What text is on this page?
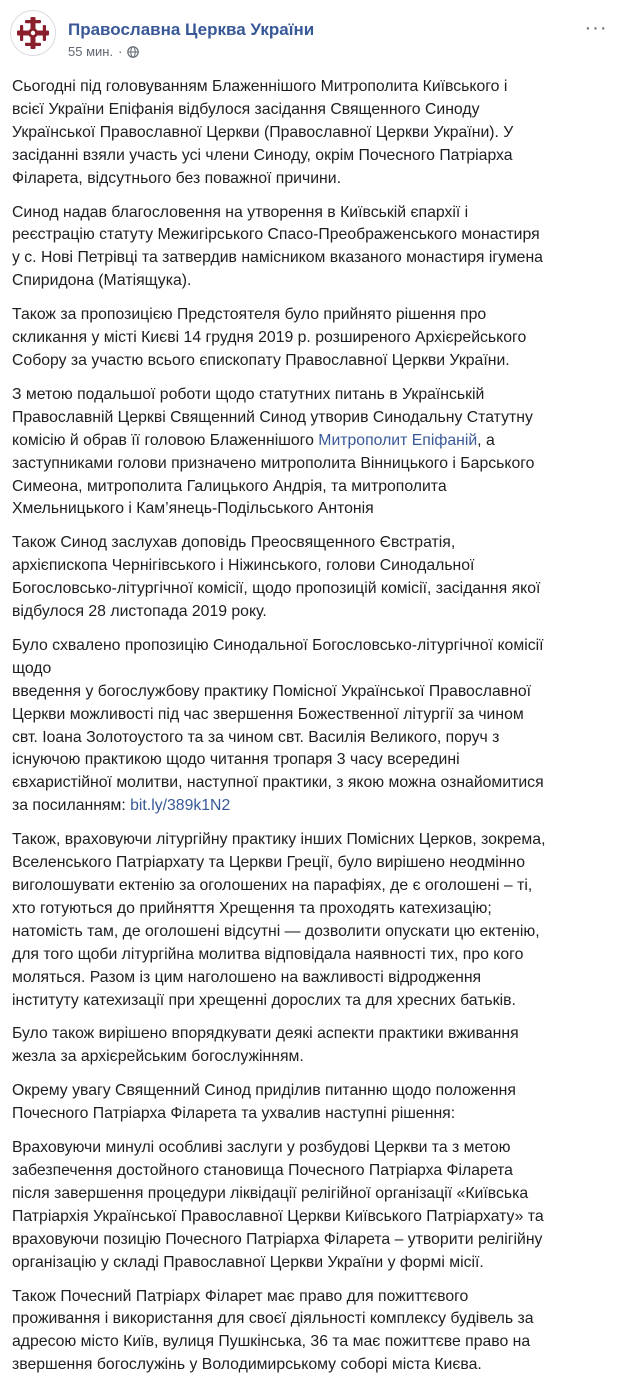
Православна Церква України
55 мин. ·
···

Сьогодні під головуванням Блаженнішого Митрополита Київського і
всієї України Епіфанія відбулося засідання Священного Синоду
Української Православної Церкви (Православної Церкви України). У
засіданні взяли участь усі члени Синоду, окрім Почесного Патріарха
Філарета, відсутнього без поважної причини.

Синод надав благословення на утворення в Київській єпархії і
реєстрацію статуту Межигірського Спасо-Преображенського монастиря
у с. Нові Петрівці та затвердив намісником вказаного монастиря ігумена
Спиридона (Матіящука).

Також за пропозицією Предстоятеля було прийнято рішення про
скликання у місті Києві 14 грудня 2019 р. розширеного Архієрейського
Собору за участю всього єпископату Православної Церкви України.

З метою подальшої роботи щодо статутних питань в Українській
Православній Церкві Священний Синод утворив Синодальну Статутну
комісію й обрав її головою Блаженнішого Митрополит Епіфаній, а
заступниками голови призначено митрополита Вінницького і Барського
Симеона, митрополита Галицького Андрія, та митрополита
Хмельницького і Кам’янець-Подільського Антонія

Також Синод заслухав доповідь Преосвященного Євстратія,
архієпископа Чернігівського і Ніжинського, голови Синодальної
Богословсько-літургічної комісії, щодо пропозицій комісії, засідання якої
відбулося 28 листопада 2019 року.

Було схвалено пропозицію Синодальної Богословсько-літургічної комісії
щодо
введення у богослужбову практику Помісної Української Православної
Церкви можливості під час звершення Божественної літургії за чином
свт. Іоана Золотоустого та за чином свт. Василія Великого, поруч з
існуючою практикою щодо читання тропаря 3 часу всередині
євхаристійної молитви, наступної практики, з якою можна ознайомитися
за посиланням: bit.ly/389k1N2

Також, враховуючи літургійну практику інших Помісних Церков, зокрема,
Вселенського Патріархату та Церкви Греції, було вирішено неодмінно
виголошувати ектенію за оголошених на парафіях, де є оголошені – ті,
хто готуються до прийняття Хрещення та проходять катехизацію;
натомість там, де оголошені відсутні — дозволити опускати цю ектенію,
для того щоби літургійна молитва відповідала наявності тих, про кого
моляться. Разом із цим наголошено на важливості відродження
інституту катехизації при хрещенні дорослих та для хресних батьків.

Було також вирішено впорядкувати деякі аспекти практики вживання
жезла за архієрейським богослужінням.

Окрему увагу Священний Синод приділив питанню щодо положення
Почесного Патріарха Філарета та ухвалив наступні рішення:

Враховуючи минулі особливі заслуги у розбудові Церкви та з метою
забезпечення достойного становища Почесного Патріарха Філарета
після завершення процедури ліквідації релігійної організації «Київська
Патріархія Української Православної Церкви Київського Патріархату» та
враховуючи позицію Почесного Патріарха Філарета – утворити релігійну
організацію у складі Православної Церкви України у формі місії.

Також Почесний Патріарх Філарет має право для пожиттєвого
проживання і використання для своєї діяльності комплексу будівель за
адресою місто Київ, вулиця Пушкінська, 36 та має пожиттєве право на
звершення богослужінь у Володимирському соборі міста Києва.
